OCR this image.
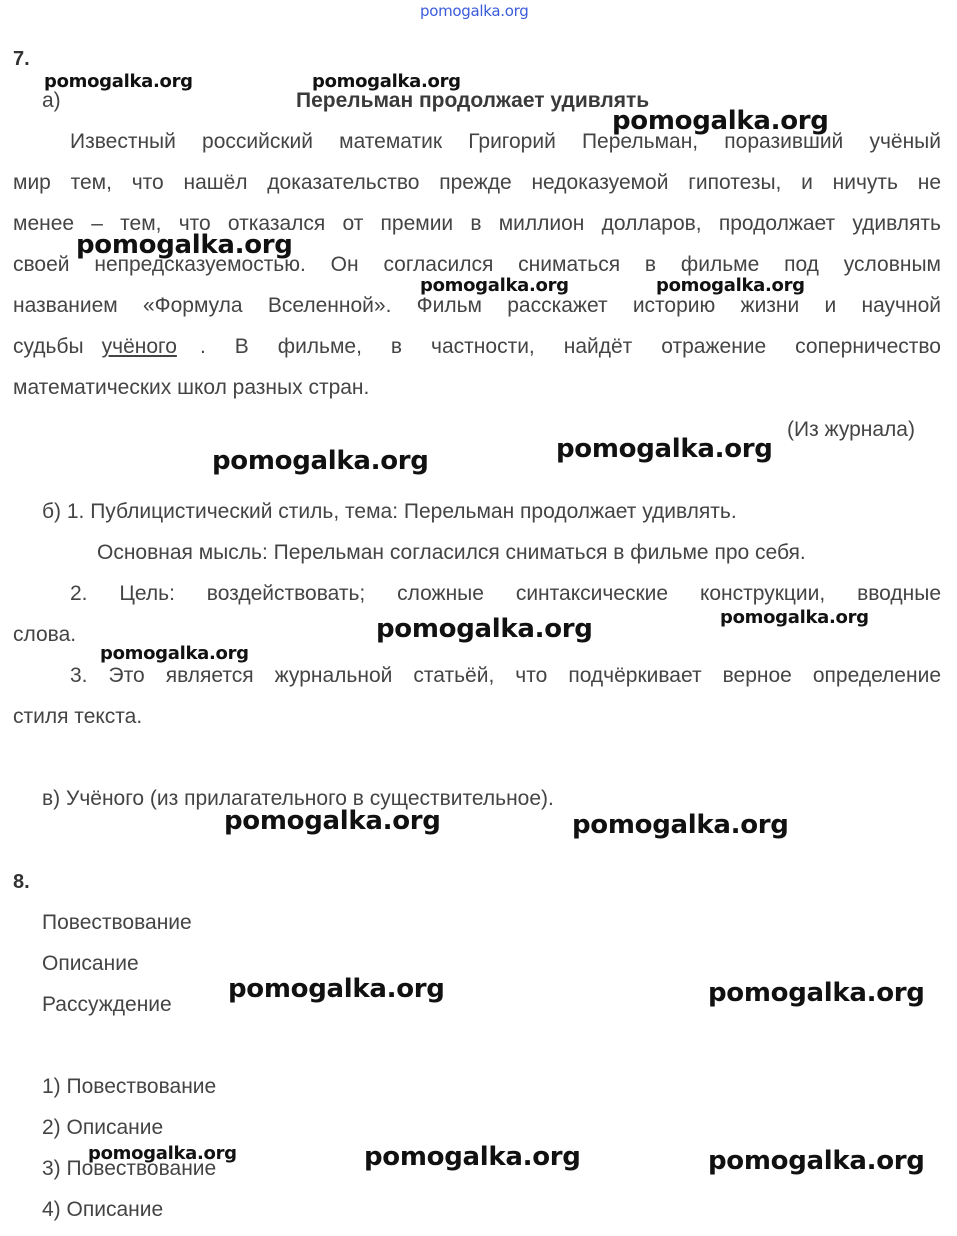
pomogalka.org
7.
а)	Перельман продолжает удивлять
Известный российский математик Григорий Перельман, поразивший учёный
мир тем, что нашёл доказательство прежде недоказуемой гипотезы, и ничуть не
менее – тем, что отказался от премии в миллион долларов, продолжает удивлять
своей непредсказуемостью. Он согласился сниматься в фильме под условным
названием «Формула Вселенной». Фильм расскажет историю жизни и научной
судьбы учёного . В фильме, в частности, найдёт отражение соперничество
математических школ разных стран.
(Из журнала)
б) 1. Публицистический стиль, тема: Перельман продолжает удивлять.
Основная мысль: Перельман согласился сниматься в фильме про себя.
2. Цель: воздействовать; сложные синтаксические конструкции, вводные
слова.
3. Это является журнальной статьёй, что подчёркивает верное определение
стиля текста.
в) Учёного (из прилагательного в существительное).
8.
Повествование
Описание
Рассуждение
1) Повествование
2) Описание
3) Повествование
4) Описание
pomogalka.org	pomogalka.org
pomogalka.org
pomogalka.org
pomogalka.org	pomogalka.org
pomogalka.org
pomogalka.org
pomogalka.org	pomogalka.org
pomogalka.org
pomogalka.org	pomogalka.org
pomogalka.org	pomogalka.org
pomogalka.org	pomogalka.org	pomogalka.org
